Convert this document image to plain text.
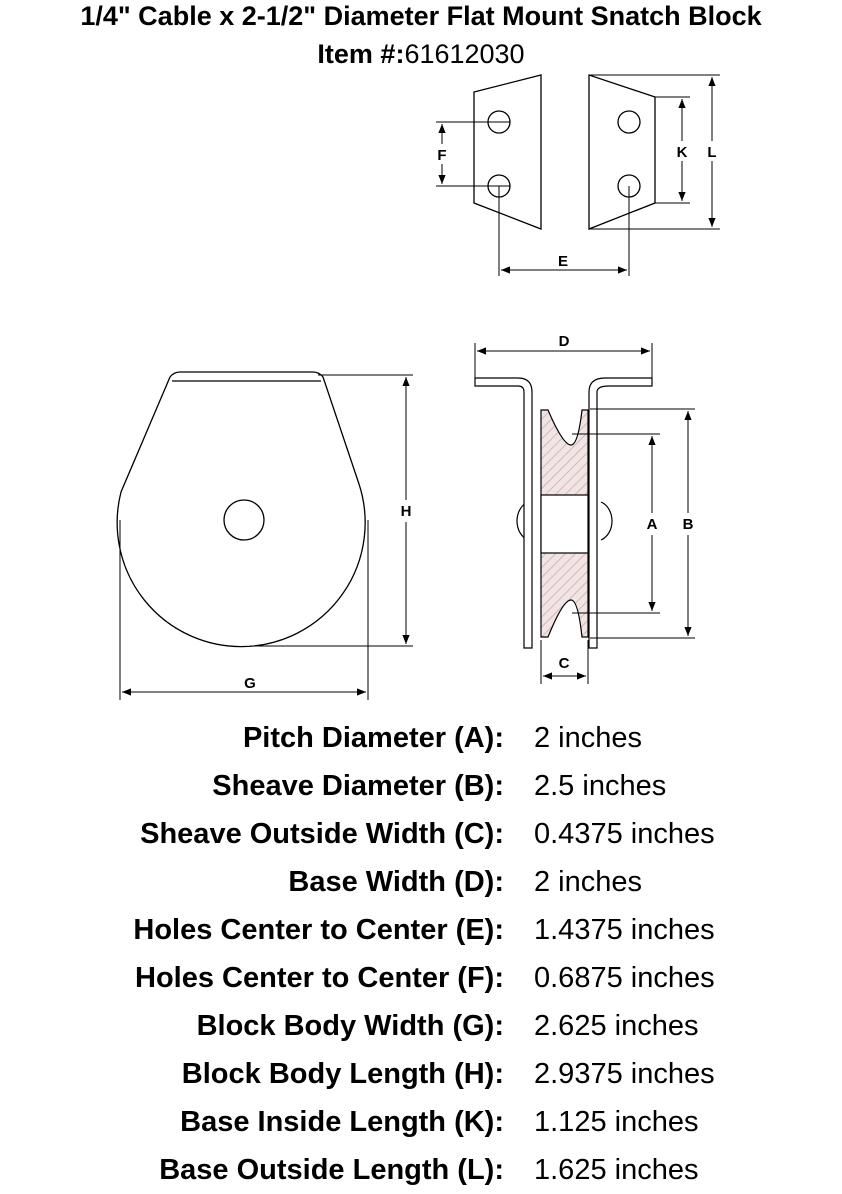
1/4" Cable x 2-1/2" Diameter Flat Mount Snatch Block
Item #:61612030
F
E
K L
H
G
D
A B
C
Pitch Diameter (A): 2 inches
Sheave Diameter (B): 2.5 inches
Sheave Outside Width (C): 0.4375 inches
Base Width (D): 2 inches
Holes Center to Center (E): 1.4375 inches
Holes Center to Center (F): 0.6875 inches
Block Body Width (G): 2.625 inches
Block Body Length (H): 2.9375 inches
Base Inside Length (K): 1.125 inches
Base Outside Length (L): 1.625 inches
